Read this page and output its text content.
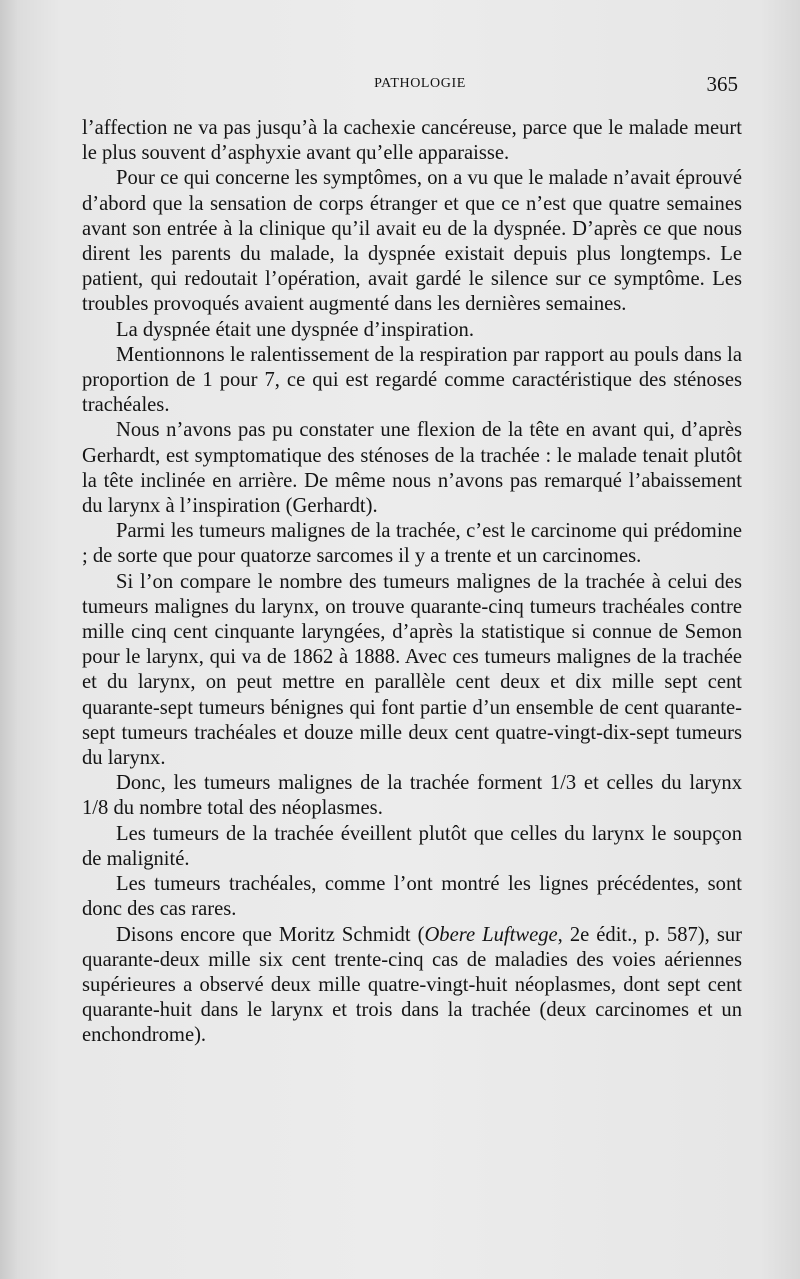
PATHOLOGIE	365

l’affection ne va pas jusqu’à la cachexie cancéreuse, parce que le malade meurt le plus souvent d’asphyxie avant qu’elle apparaisse.

Pour ce qui concerne les symptômes, on a vu que le malade n’avait éprouvé d’abord que la sensation de corps étranger et que ce n’est que quatre semaines avant son entrée à la clinique qu’il avait eu de la dyspnée. D’après ce que nous dirent les parents du malade, la dyspnée existait depuis plus longtemps. Le patient, qui redoutait l’opération, avait gardé le silence sur ce symptôme. Les troubles provoqués avaient augmenté dans les dernières semaines.

La dyspnée était une dyspnée d’inspiration.

Mentionnons le ralentissement de la respiration par rapport au pouls dans la proportion de 1 pour 7, ce qui est regardé comme caractéristique des sténoses trachéales.

Nous n’avons pas pu constater une flexion de la tête en avant qui, d’après Gerhardt, est symptomatique des sténoses de la trachée : le malade tenait plutôt la tête inclinée en arrière. De même nous n’avons pas remarqué l’abaissement du larynx à l’inspiration (Gerhardt).

Parmi les tumeurs malignes de la trachée, c’est le carcinome qui prédomine ; de sorte que pour quatorze sarcomes il y a trente et un carcinomes.

Si l’on compare le nombre des tumeurs malignes de la trachée à celui des tumeurs malignes du larynx, on trouve quarante-cinq tumeurs trachéales contre mille cinq cent cinquante laryngées, d’après la statistique si connue de Semon pour le larynx, qui va de 1862 à 1888. Avec ces tumeurs malignes de la trachée et du larynx, on peut mettre en parallèle cent deux et dix mille sept cent quarante-sept tumeurs bénignes qui font partie d’un ensemble de cent quarante-sept tumeurs trachéales et douze mille deux cent quatre-vingt-dix-sept tumeurs du larynx.

Donc, les tumeurs malignes de la trachée forment 1/3 et celles du larynx 1/8 du nombre total des néoplasmes.

Les tumeurs de la trachée éveillent plutôt que celles du larynx le soupçon de malignité.

Les tumeurs trachéales, comme l’ont montré les lignes précédentes, sont donc des cas rares.

Disons encore que Moritz Schmidt (Obere Luftwege, 2e édit., p. 587), sur quarante-deux mille six cent trente-cinq cas de maladies des voies aériennes supérieures a observé deux mille quatre-vingt-huit néoplasmes, dont sept cent quarante-huit dans le larynx et trois dans la trachée (deux carcinomes et un enchondrome).
